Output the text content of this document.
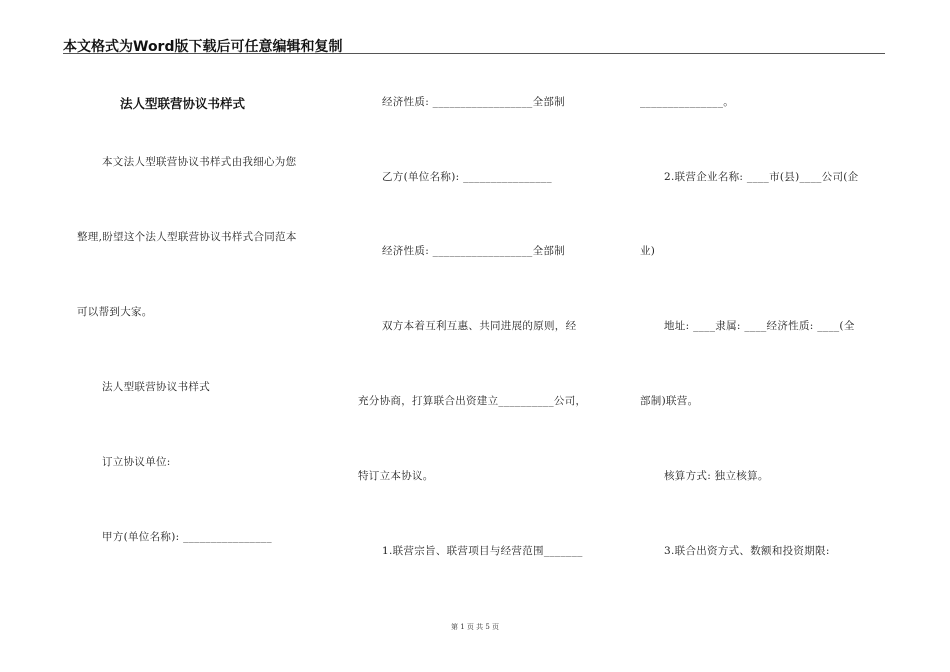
本文格式为Word版下载后可任意编辑和复制
法人型联营协议书样式
本文法人型联营协议书样式由我细心为您
整理,盼望这个法人型联营协议书样式合同范本
可以帮到大家。
法人型联营协议书样式
订立协议单位:
甲方(单位名称): ________________
经济性质: __________________全部制
乙方(单位名称): ________________
经济性质: __________________全部制
双方本着互利互惠、共同进展的原则，经
充分协商，打算联合出资建立__________公司，
特订立本协议。
1.联营宗旨、联营项目与经营范围_______
_______________。
2.联营企业名称: ____市(县)____公司(企
业)
地址: ____隶属: ____经济性质: ____(全
部制)联营。
核算方式: 独立核算。
3.联合出资方式、数额和投资期限:
第 1 页 共 5 页
